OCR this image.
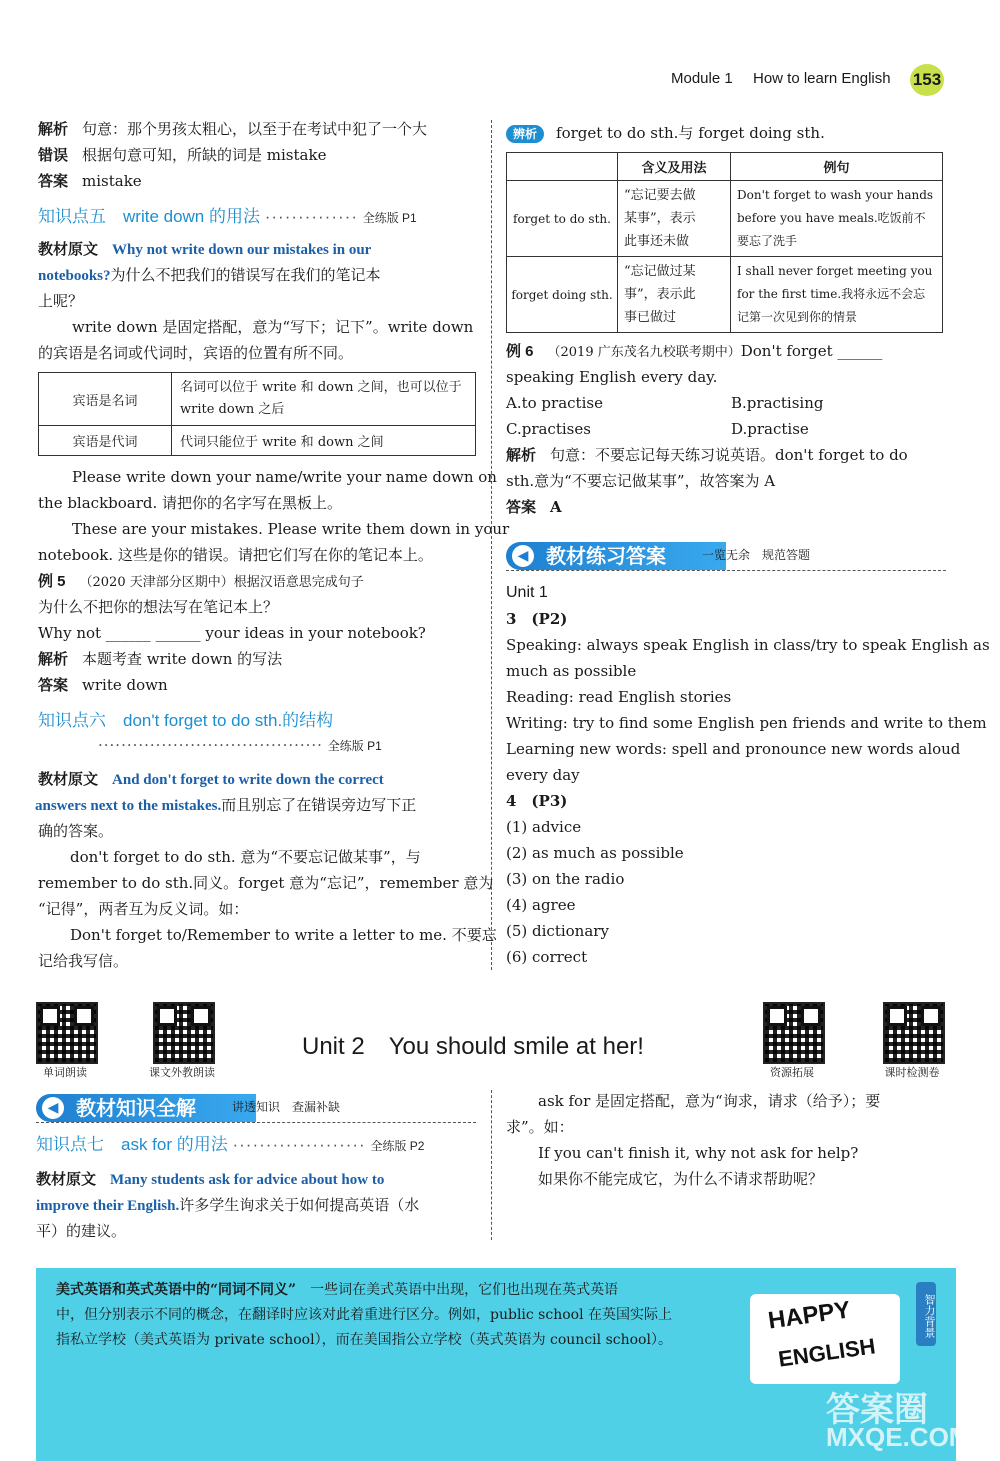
Module 1 How to learn English 153
解析 句意：那个男孩太粗心，以至于在考试中犯了一个大
错误 根据句意可知，所缺的词是 mistake
答案 mistake
知识点五　write down 的用法 ·············· 全练版 P1
教材原文 Why not write down our mistakes in our
notebooks?为什么不把我们的错误写在我们的笔记本
上呢？
write down 是固定搭配，意为“写下；记下”。write down
的宾语是名词或代词时，宾语的位置有所不同。
宾语是名词	名词可以位于 write 和 down 之间，也可以位于
write down 之后
宾语是代词	代词只能位于 write 和 down 之间
Please write down your name/write your name down on
the blackboard. 请把你的名字写在黑板上。
These are your mistakes. Please write them down in your
notebook. 这些是你的错误。请把它们写在你的笔记本上。
例 5 （2020 天津部分区期中）根据汉语意思完成句子
为什么不把你的想法写在笔记本上？
Why not ______ ______ your ideas in your notebook?
解析 本题考查 write down 的写法
答案 write down
知识点六　don't forget to do sth.的结构
······································· 全练版 P1
教材原文 And don't forget to write down the correct
answers next to the mistakes.而且别忘了在错误旁边写下正
确的答案。
don't forget to do sth. 意为“不要忘记做某事”，与
remember to do sth.同义。forget 意为“忘记”，remember 意为
“记得”，两者互为反义词。如：
Don't forget to/Remember to write a letter to me. 不要忘
记给我写信。
辨析 forget to do sth.与 forget doing sth.
	含义及用法	例句
forget to do sth.	“忘记要去做
某事”，表示
此事还未做	Don't forget to wash your hands
before you have meals.吃饭前不
要忘了洗手
forget doing sth.	“忘记做过某
事”，表示此
事已做过	I shall never forget meeting you
for the first time.我将永远不会忘
记第一次见到你的情景
例 6 （2019 广东茂名九校联考期中）Don't forget ______
speaking English every day.
A.to practise	B.practising
C.practises	D.practise
解析 句意：不要忘记每天练习说英语。don't forget to do
sth.意为“不要忘记做某事”，故答案为 A
答案 A
◀ 教材练习答案	一览无余　规范答题
Unit 1
3　(P2)
Speaking: always speak English in class/try to speak English as
much as possible
Reading: read English stories
Writing: try to find some English pen friends and write to them
Learning new words: spell and pronounce new words aloud
every day
4　(P3)
(1) advice
(2) as much as possible
(3) on the radio
(4) agree
(5) dictionary
(6) correct
单词朗读	课文外教朗读
Unit 2　You should smile at her!
资源拓展	课时检测卷
◀ 教材知识全解	讲透知识　查漏补缺
知识点七　ask for 的用法 ···················· 全练版 P2
教材原文 Many students ask for advice about how to
improve their English.许多学生询求关于如何提高英语（水
平）的建议。
ask for 是固定搭配，意为“询求，请求（给予）；要
求”。如：
If you can't finish it, why not ask for help?
如果你不能完成它，为什么不请求帮助呢？
美式英语和英式英语中的“同词不同义”　 一些词在美式英语中出现，它们也出现在英式英语
中，但分别表示不同的概念，在翻译时应该对此着重进行区分。例如，public school 在英国实际上
指私立学校（美式英语为 private school），而在美国指公立学校（英式英语为 council school）。
HAPPY
ENGLISH
智力背景
答案圈
MXQE.COM
